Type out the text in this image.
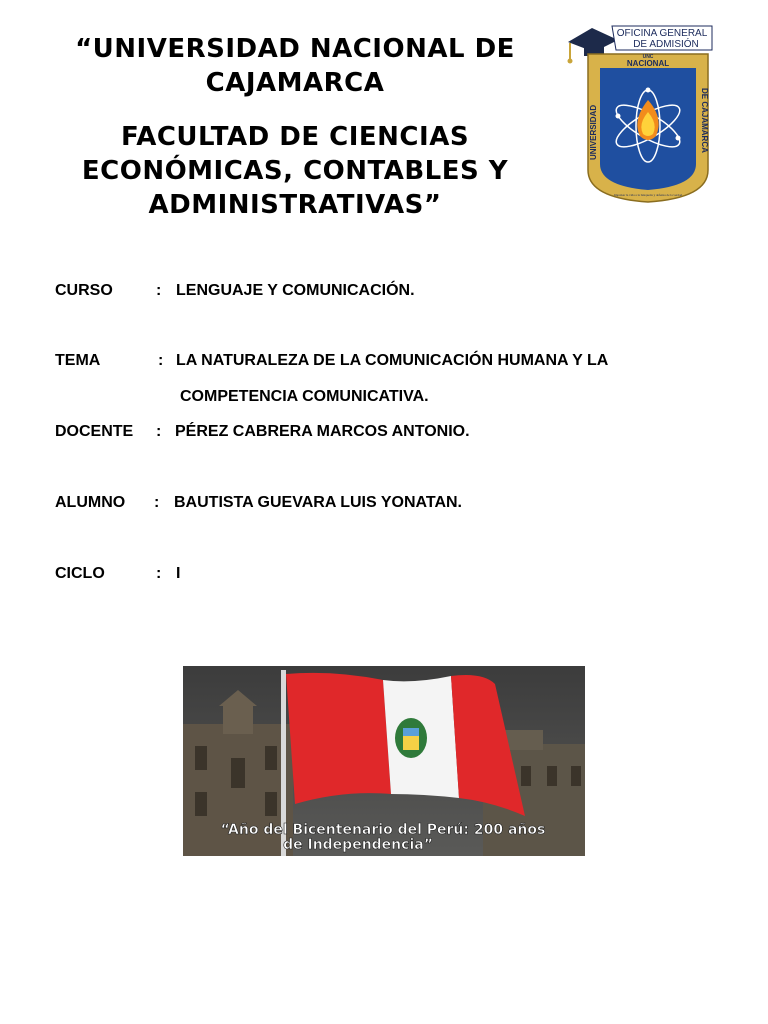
“UNIVERSIDAD NACIONAL DE

CAJAMARCA

FACULTAD DE CIENCIAS

ECONÓMICAS, CONTABLES Y

ADMINISTRATIVAS”

OFICINA GENERAL
DE ADMISIÓN
UNC
NACIONAL
UNIVERSIDAD	DE CAJAMARCA
Impulsar la vida a la búsqueda y defensa de la verdad
CURSO	: LENGUAJE Y COMUNICACIÓN.
TEMA	: LA NATURALEZA DE LA COMUNICACIÓN HUMANA Y LA
COMPETENCIA COMUNICATIVA.
DOCENTE : PÉREZ CABRERA MARCOS ANTONIO.
ALUMNO : BAUTISTA GUEVARA LUIS YONATAN.
CICLO	: I
“Año del Bicentenario del Perú: 200 años
de Independencia”
